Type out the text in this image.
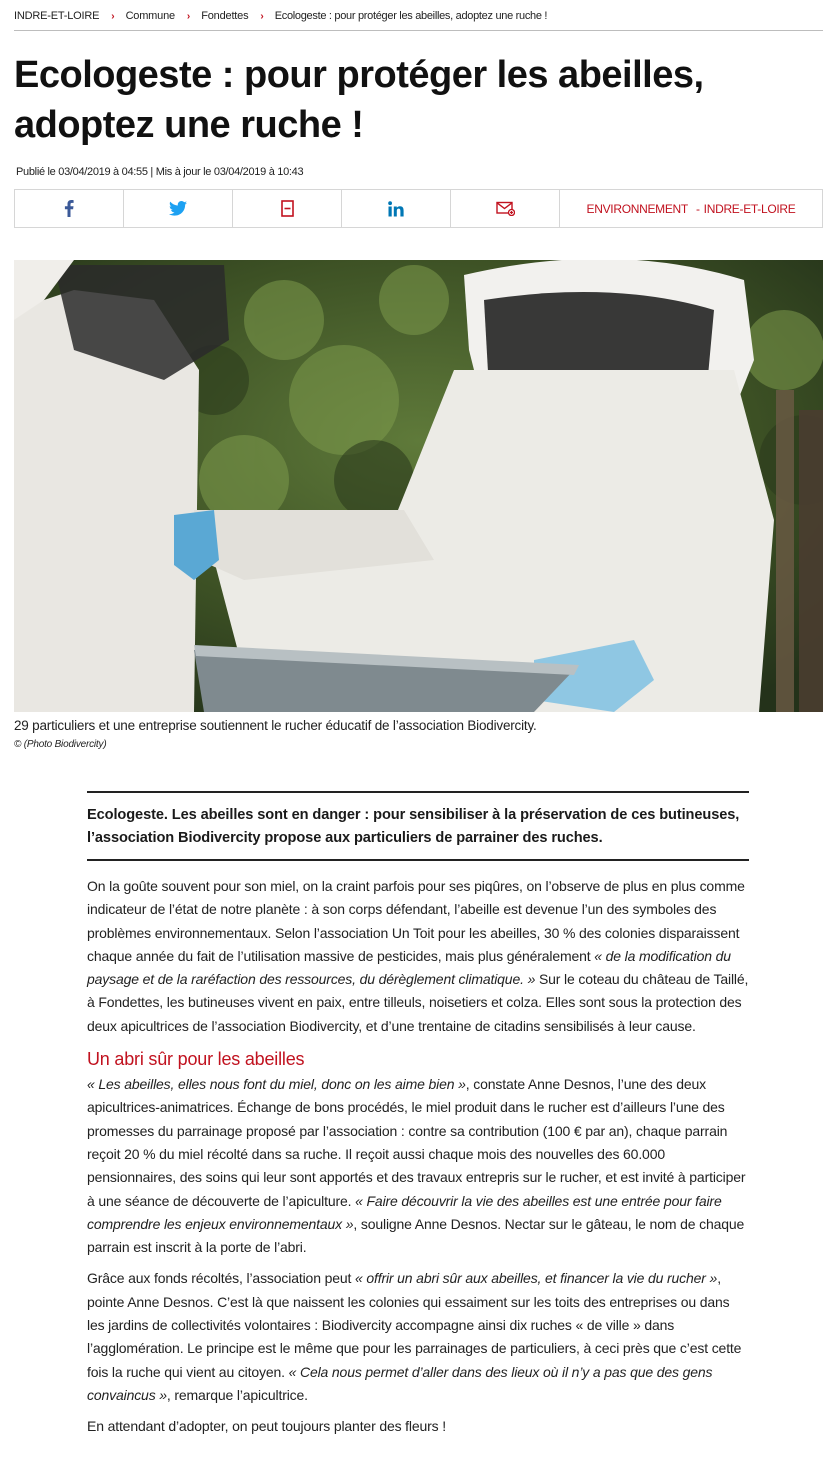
INDRE-ET-LOIRE › Commune › Fondettes › Ecologeste : pour protéger les abeilles, adoptez une ruche !
Ecologeste : pour protéger les abeilles, adoptez une ruche !
Publié le 03/04/2019 à 04:55 | Mis à jour le 03/04/2019 à 10:43
ENVIRONNEMENT - INDRE-ET-LOIRE
29 particuliers et une entreprise soutiennent le rucher éducatif de l’association Biodivercity.
© (Photo Biodivercity)
Ecologeste. Les abeilles sont en danger : pour sensibiliser à la préservation de ces butineuses, l’association Biodivercity propose aux particuliers de parrainer des ruches.

On la goûte souvent pour son miel, on la craint parfois pour ses piqûres, on l’observe de plus en plus comme indicateur de l’état de notre planète : à son corps défendant, l’abeille est devenue l’un des symboles des problèmes environnementaux. Selon l’association Un Toit pour les abeilles, 30 % des colonies disparaissent chaque année du fait de l’utilisation massive de pesticides, mais plus généralement « de la modification du paysage et de la raréfaction des ressources, du dérèglement climatique. » Sur le coteau du château de Taillé, à Fondettes, les butineuses vivent en paix, entre tilleuls, noisetiers et colza. Elles sont sous la protection des deux apicultrices de l’association Biodivercity, et d’une trentaine de citadins sensibilisés à leur cause.

Un abri sûr pour les abeilles

« Les abeilles, elles nous font du miel, donc on les aime bien », constate Anne Desnos, l’une des deux apicultrices-animatrices. Échange de bons procédés, le miel produit dans le rucher est d’ailleurs l’une des promesses du parrainage proposé par l’association : contre sa contribution (100 € par an), chaque parrain reçoit 20 % du miel récolté dans sa ruche. Il reçoit aussi chaque mois des nouvelles des 60.000 pensionnaires, des soins qui leur sont apportés et des travaux entrepris sur le rucher, et est invité à participer à une séance de découverte de l’apiculture. « Faire découvrir la vie des abeilles est une entrée pour faire comprendre les enjeux environnementaux », souligne Anne Desnos. Nectar sur le gâteau, le nom de chaque parrain est inscrit à la porte de l’abri.

Grâce aux fonds récoltés, l’association peut « offrir un abri sûr aux abeilles, et financer la vie du rucher », pointe Anne Desnos. C’est là que naissent les colonies qui essaiment sur les toits des entreprises ou dans les jardins de collectivités volontaires : Biodivercity accompagne ainsi dix ruches « de ville » dans l’agglomération. Le principe est le même que pour les parrainages de particuliers, à ceci près que c’est cette fois la ruche qui vient au citoyen. « Cela nous permet d’aller dans des lieux où il n’y a pas que des gens convaincus », remarque l’apicultrice.

En attendant d’adopter, on peut toujours planter des fleurs !
